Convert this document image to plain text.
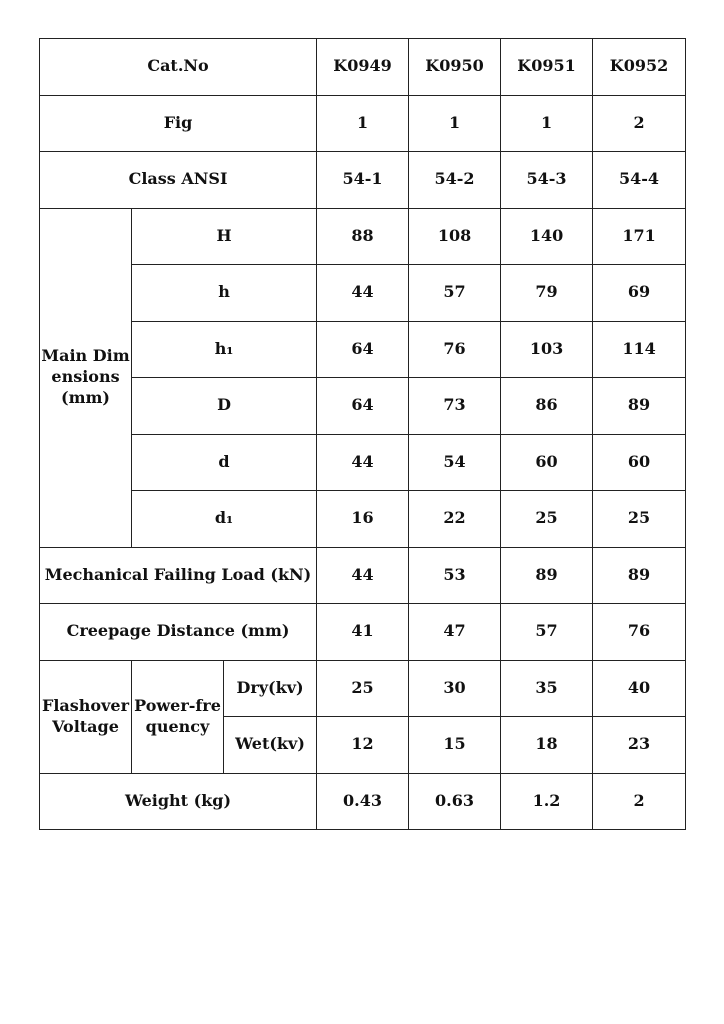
Cat.No			K0949	K0950	K0951	K0952
Fig			1	1	1	2
Class ANSI			54-1	54-2	54-3	54-4
Main Dimensions (mm)	H		88	108	140	171
	h		44	57	79	69
	h₁		64	76	103	114
	D		64	73	86	89
	d		44	54	60	60
	d₁		16	22	25	25
Mechanical Failing Load (kN)			44	53	89	89
Creepage Distance (mm)			41	47	57	76
Flashover Voltage	Power-frequency	Dry(kv)	25	30	35	40
		Wet(kv)	12	15	18	23
Weight (kg)			0.43	0.63	1.2	2
